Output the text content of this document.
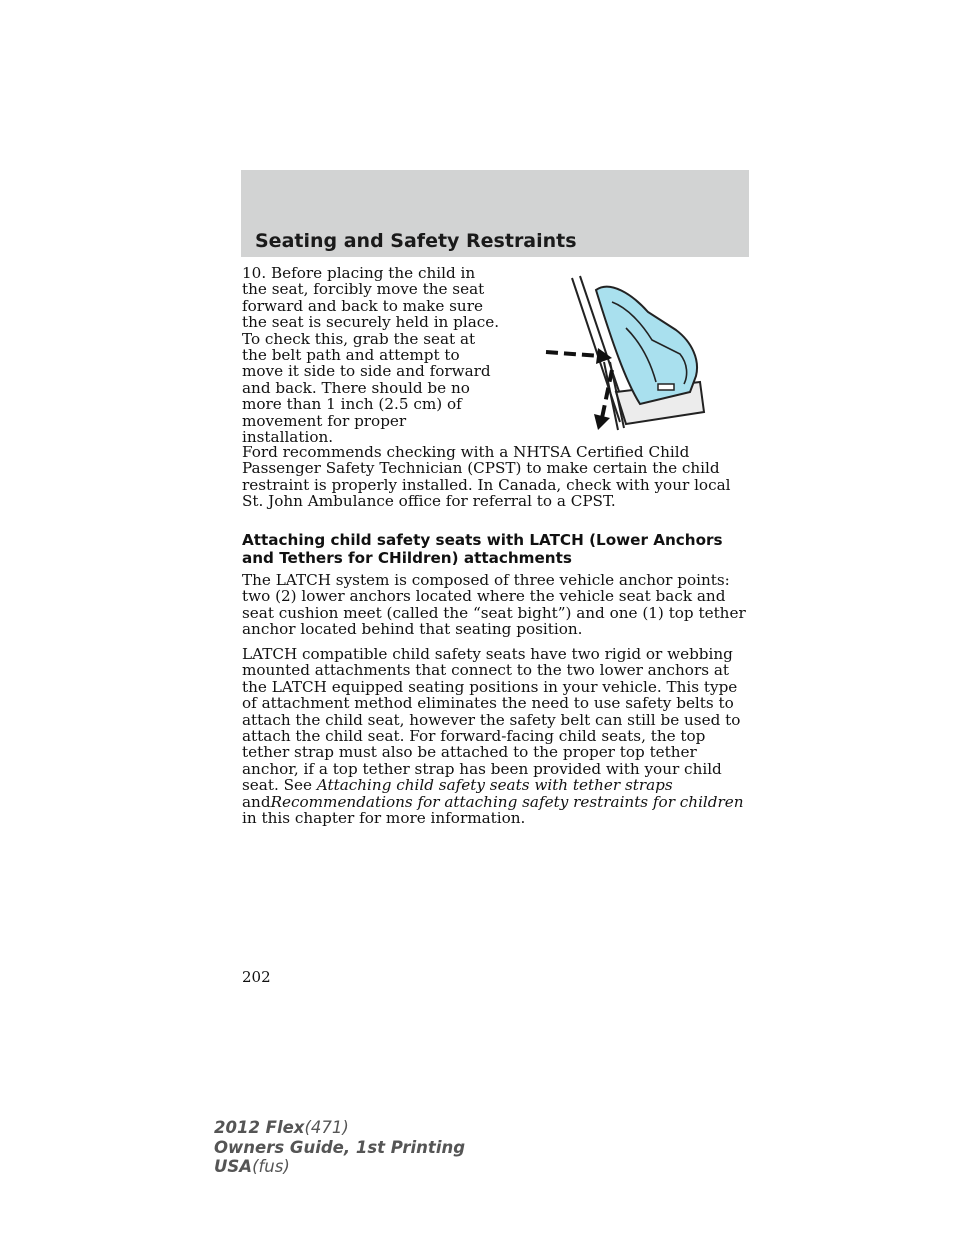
Seating and Safety Restraints

10. Before placing the child in the seat, forcibly move the seat forward and back to make sure the seat is securely held in place. To check this, grab the seat at the belt path and attempt to move it side to side and forward and back. There should be no more than 1 inch (2.5 cm) of movement for proper installation.

Ford recommends checking with a NHTSA Certified Child Passenger Safety Technician (CPST) to make certain the child restraint is properly installed. In Canada, check with your local St. John Ambulance office for referral to a CPST.

Attaching child safety seats with LATCH (Lower Anchors and Tethers for CHildren) attachments

The LATCH system is composed of three vehicle anchor points: two (2) lower anchors located where the vehicle seat back and seat cushion meet (called the “seat bight”) and one (1) top tether anchor located behind that seating position.

LATCH compatible child safety seats have two rigid or webbing mounted attachments that connect to the two lower anchors at the LATCH equipped seating positions in your vehicle. This type of attachment method eliminates the need to use safety belts to attach the child seat, however the safety belt can still be used to attach the child seat. For forward-facing child seats, the top tether strap must also be attached to the proper top tether anchor, if a top tether strap has been provided with your child seat. See Attaching child safety seats with tether straps andRecommendations for attaching safety restraints for children in this chapter for more information.

202
2012 Flex(471)
Owners Guide, 1st Printing
USA(fus)
